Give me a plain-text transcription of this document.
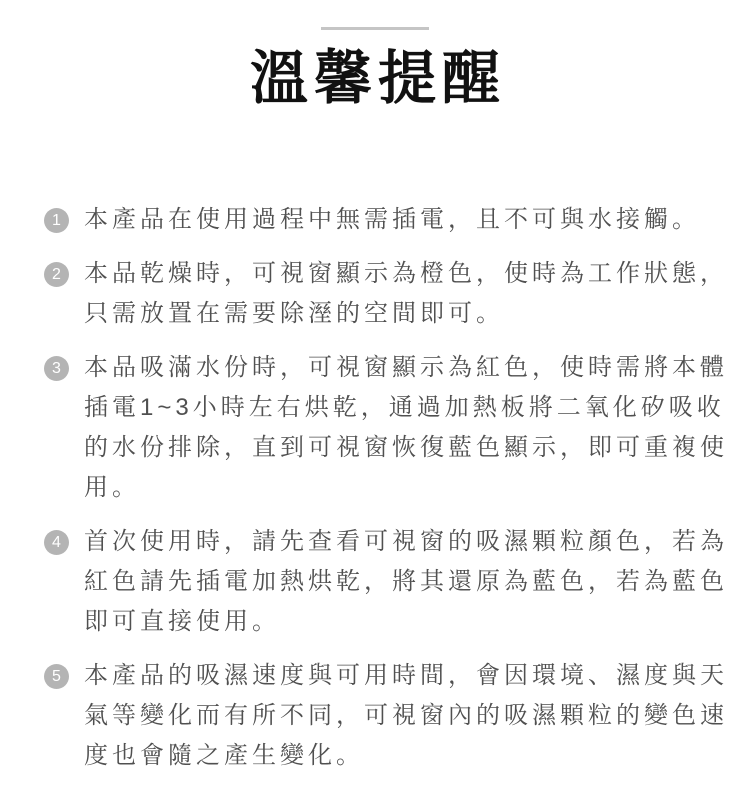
溫馨提醒
1 本產品在使用過程中無需插電，且不可與水接觸。
2 本品乾燥時，可視窗顯示為橙色，使時為工作狀態，
只需放置在需要除溼的空間即可。
3 本品吸滿水份時，可視窗顯示為紅色，使時需將本體
插電1~3小時左右烘乾，通過加熱板將二氧化矽吸收
的水份排除，直到可視窗恢復藍色顯示，即可重複使
用。
4 首次使用時，請先查看可視窗的吸濕顆粒顏色，若為
紅色請先插電加熱烘乾，將其還原為藍色，若為藍色
即可直接使用。
5 本產品的吸濕速度與可用時間，會因環境、濕度與天
氣等變化而有所不同，可視窗內的吸濕顆粒的變色速
度也會隨之產生變化。
